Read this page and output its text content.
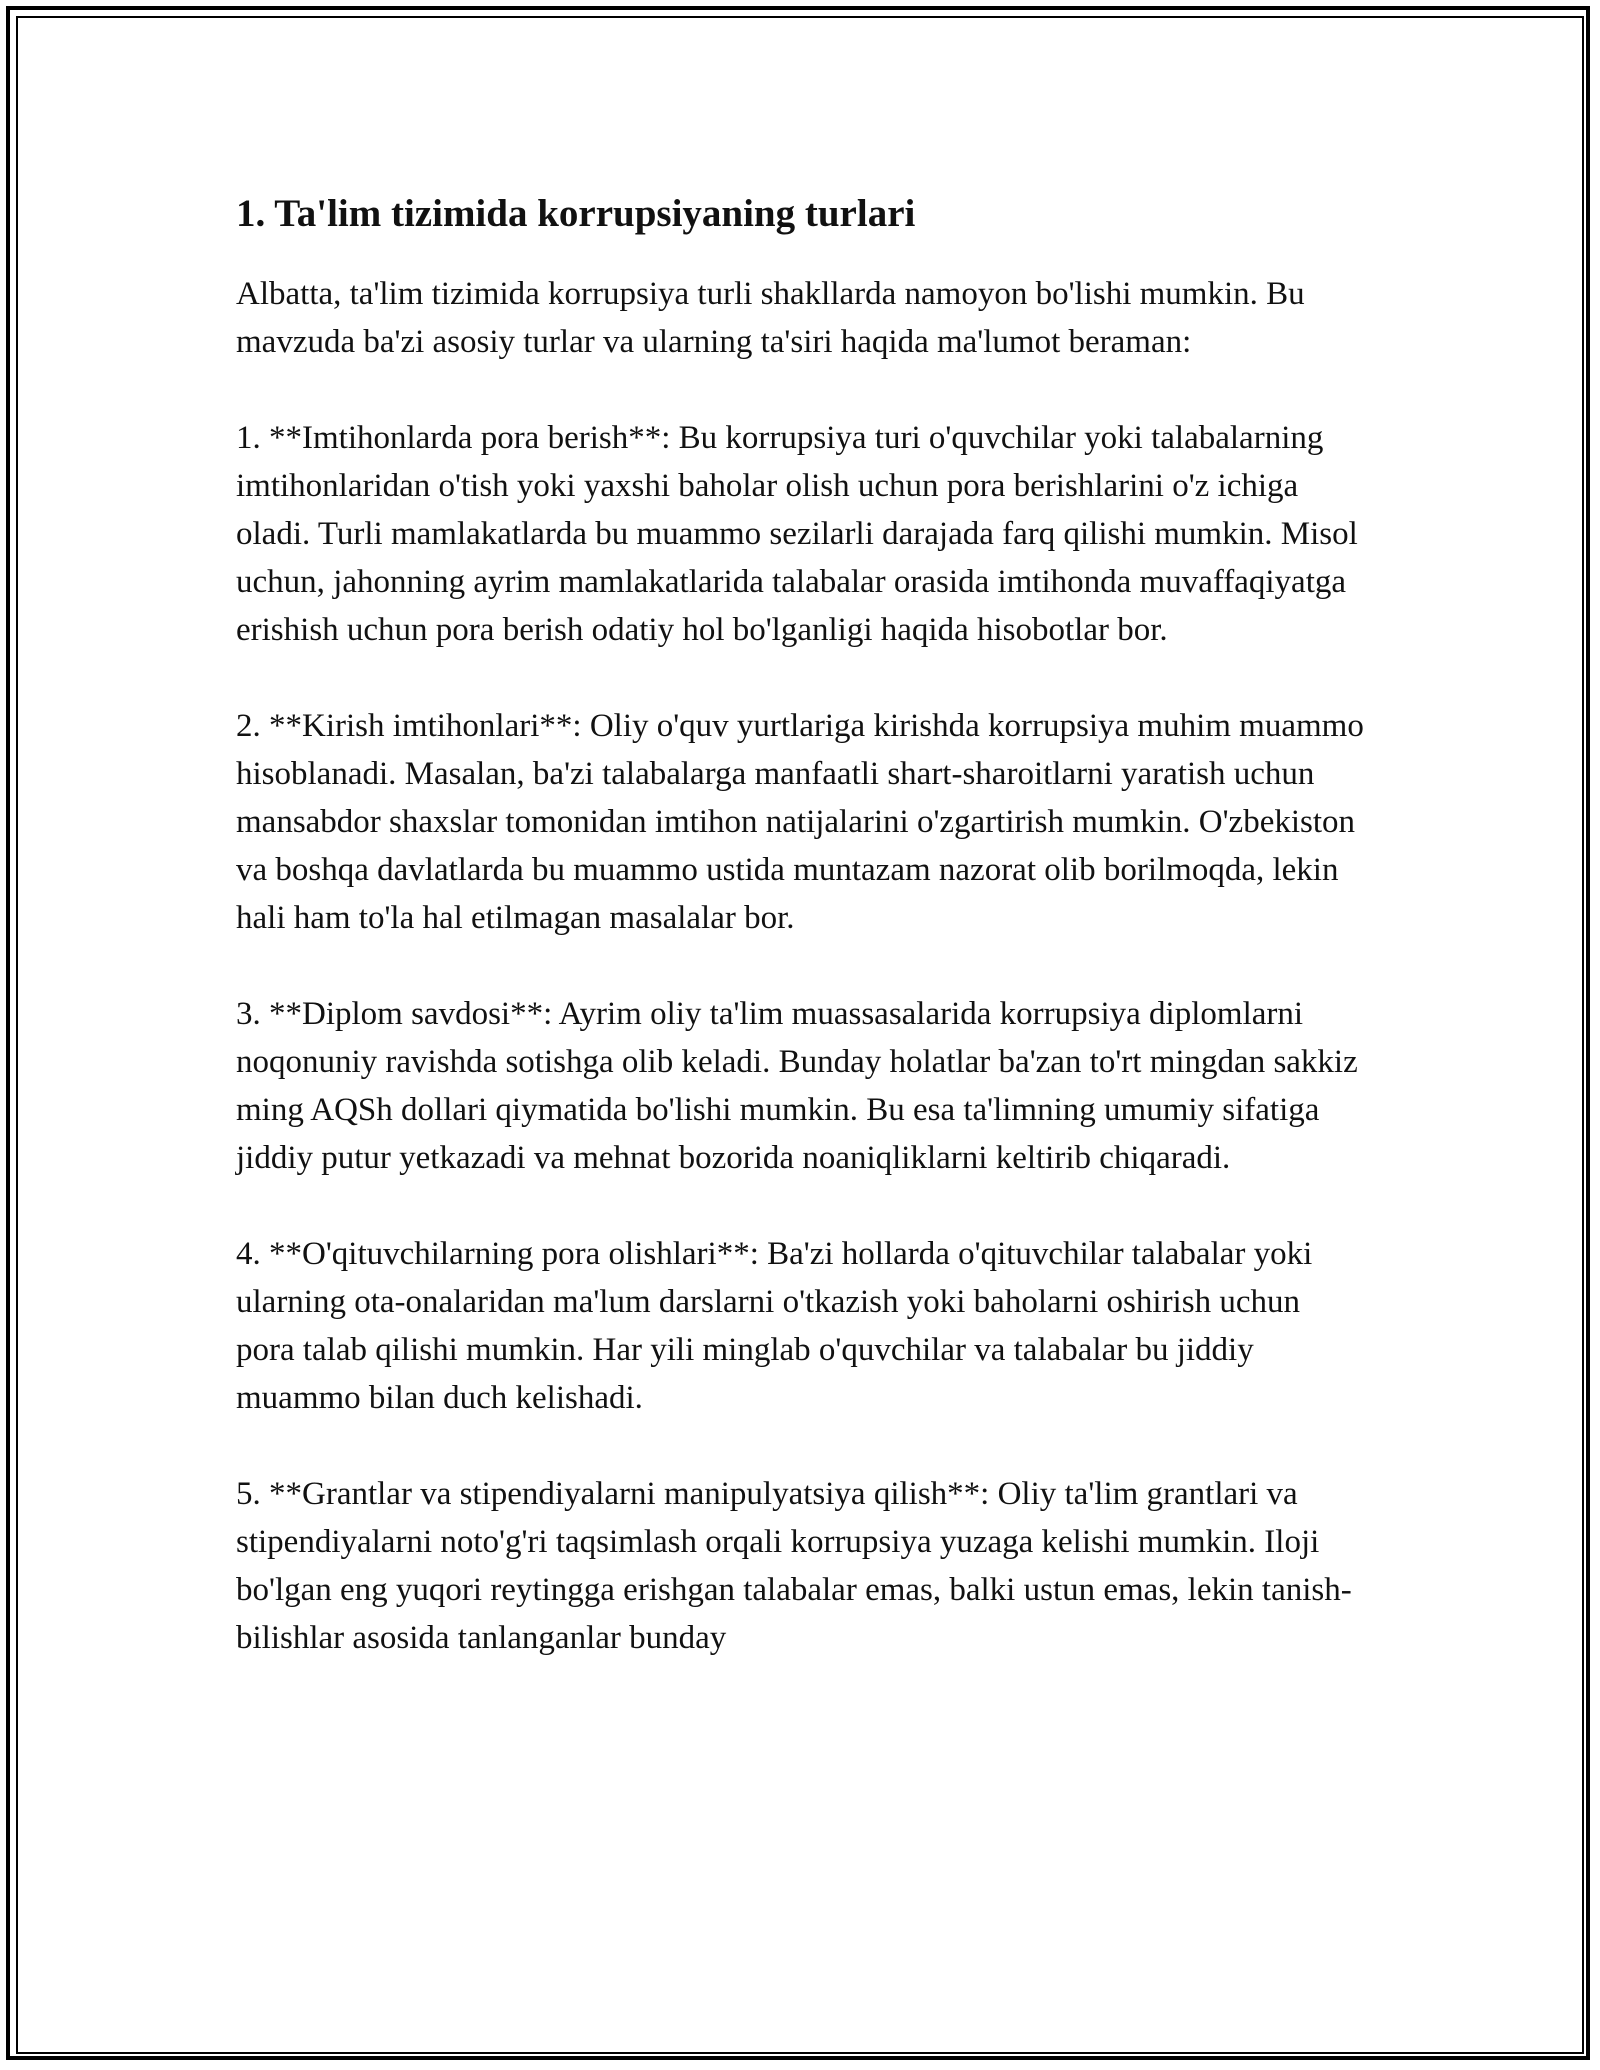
1. Ta'lim tizimida korrupsiyaning turlari

Albatta, ta'lim tizimida korrupsiya turli shakllarda namoyon bo'lishi mumkin. Bu mavzuda ba'zi asosiy turlar va ularning ta'siri haqida ma'lumot beraman:

1. **Imtihonlarda pora berish**: Bu korrupsiya turi o'quvchilar yoki talabalarning imtihonlaridan o'tish yoki yaxshi baholar olish uchun pora berishlarini o'z ichiga oladi. Turli mamlakatlarda bu muammo sezilarli darajada farq qilishi mumkin. Misol uchun, jahonning ayrim mamlakatlarida talabalar orasida imtihonda muvaffaqiyatga erishish uchun pora berish odatiy hol bo'lganligi haqida hisobotlar bor.

2. **Kirish imtihonlari**: Oliy o'quv yurtlariga kirishda korrupsiya muhim muammo hisoblanadi. Masalan, ba'zi talabalarga manfaatli shart-sharoitlarni yaratish uchun mansabdor shaxslar tomonidan imtihon natijalarini o'zgartirish mumkin. O'zbekiston va boshqa davlatlarda bu muammo ustida muntazam nazorat olib borilmoqda, lekin hali ham to'la hal etilmagan masalalar bor.

3. **Diplom savdosi**: Ayrim oliy ta'lim muassasalarida korrupsiya diplomlarni noqonuniy ravishda sotishga olib keladi. Bunday holatlar ba'zan to'rt mingdan sakkiz ming AQSh dollari qiymatida bo'lishi mumkin. Bu esa ta'limning umumiy sifatiga jiddiy putur yetkazadi va mehnat bozorida noaniqliklarni keltirib chiqaradi.

4. **O'qituvchilarning pora olishlari**: Ba'zi hollarda o'qituvchilar talabalar yoki ularning ota-onalaridan ma'lum darslarni o'tkazish yoki baholarni oshirish uchun pora talab qilishi mumkin. Har yili minglab o'quvchilar va talabalar bu jiddiy muammo bilan duch kelishadi.

5. **Grantlar va stipendiyalarni manipulyatsiya qilish**: Oliy ta'lim grantlari va stipendiyalarni noto'g'ri taqsimlash orqali korrupsiya yuzaga kelishi mumkin. Iloji bo'lgan eng yuqori reytingga erishgan talabalar emas, balki ustun emas, lekin tanish-bilishlar asosida tanlanganlar bunday
